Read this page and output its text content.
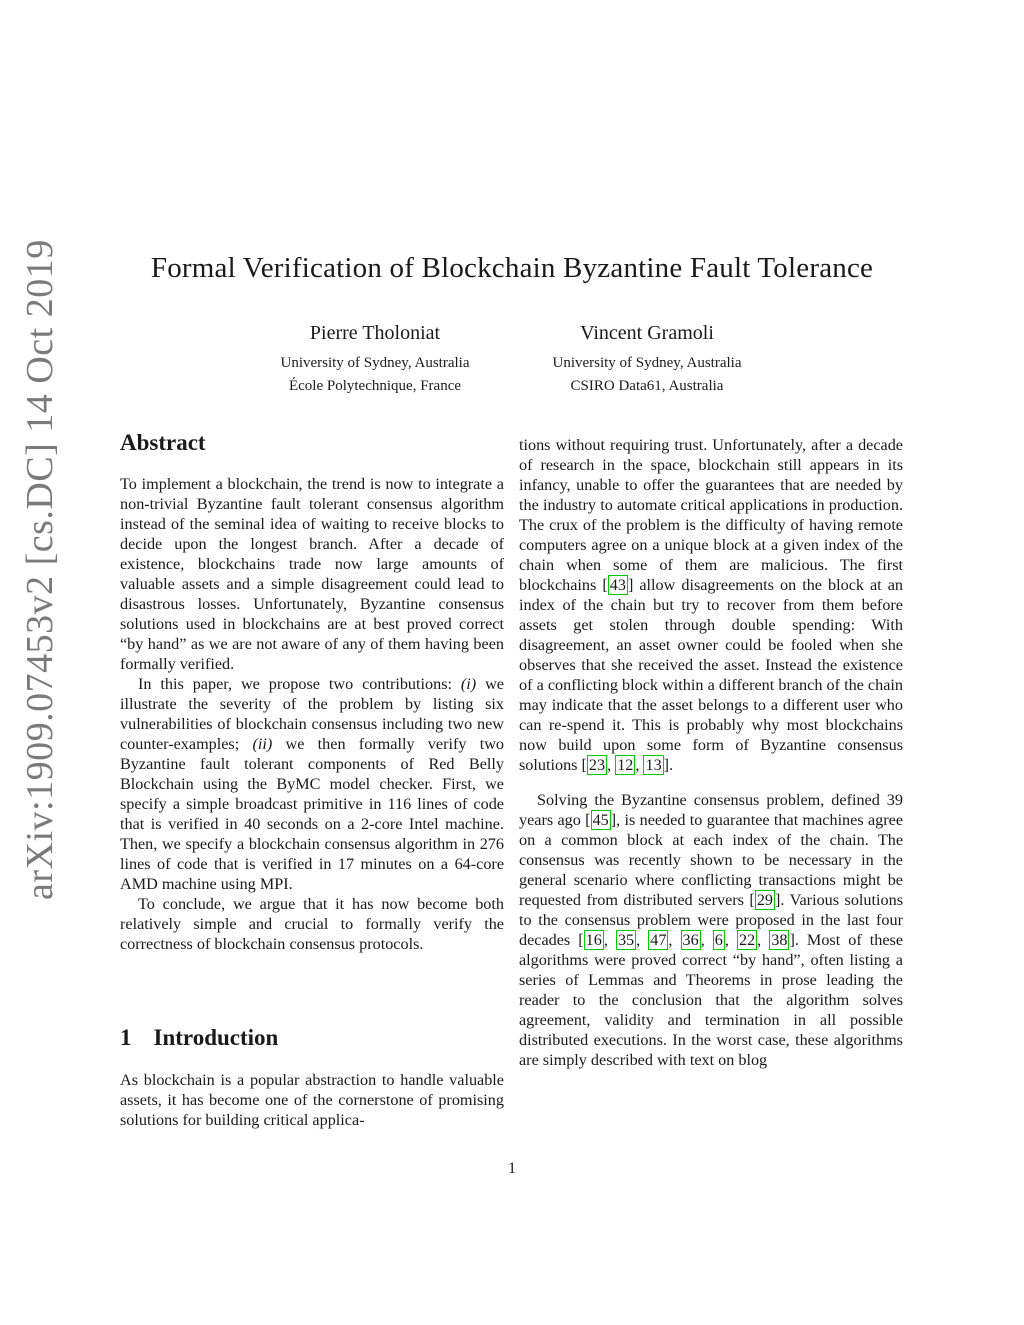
arXiv:1909.07453v2 [cs.DC] 14 Oct 2019	Formal Verification of Blockchain Byzantine Fault Tolerance
Pierre Tholoniat
University of Sydney, Australia
École Polytechnique, France
Vincent Gramoli
University of Sydney, Australia
CSIRO Data61, Australia
Abstract

To implement a blockchain, the trend is now to integrate a non-trivial Byzantine fault tolerant consensus algorithm instead of the seminal idea of waiting to receive blocks to decide upon the longest branch. After a decade of existence, blockchains trade now large amounts of valuable assets and a simple disagreement could lead to disastrous losses. Unfortunately, Byzantine consensus solutions used in blockchains are at best proved correct “by hand” as we are not aware of any of them having been formally verified.

In this paper, we propose two contributions: (i) we illustrate the severity of the problem by listing six vulnerabilities of blockchain consensus including two new counter-examples; (ii) we then formally verify two Byzantine fault tolerant components of Red Belly Blockchain using the ByMC model checker. First, we specify a simple broadcast primitive in 116 lines of code that is verified in 40 seconds on a 2-core Intel machine. Then, we specify a blockchain consensus algorithm in 276 lines of code that is verified in 17 minutes on a 64-core AMD machine using MPI.

To conclude, we argue that it has now become both relatively simple and crucial to formally verify the correctness of blockchain consensus protocols.

1 Introduction

As blockchain is a popular abstraction to handle valuable assets, it has become one of the cornerstone of promising solutions for building critical applica-

tions without requiring trust. Unfortunately, after a decade of research in the space, blockchain still appears in its infancy, unable to offer the guarantees that are needed by the industry to automate critical applications in production. The crux of the problem is the difficulty of having remote computers agree on a unique block at a given index of the chain when some of them are malicious. The first blockchains [ 43 ] allow disagreements on the block at an index of the chain but try to recover from them before assets get stolen through double spending: With disagreement, an asset owner could be fooled when she observes that she received the asset. Instead the existence of a conflicting block within a different branch of the chain may indicate that the asset belongs to a different user who can re-spend it. This is probably why most blockchains now build upon some form of Byzantine consensus solutions [ 23 , 12 , 13 ].

Solving the Byzantine consensus problem, defined 39 years ago [ 45 ], is needed to guarantee that machines agree on a common block at each index of the chain. The consensus was recently shown to be necessary in the general scenario where conflicting transactions might be requested from distributed servers [ 29 ]. Various solutions to the consensus problem were proposed in the last four decades [ 16 , 35 , 47 , 36 , 6 , 22 , 38 ]. Most of these algorithms were proved correct “by hand”, often listing a series of Lemmas and Theorems in prose leading the reader to the conclusion that the algorithm solves agreement, validity and termination in all possible distributed executions. In the worst case, these algorithms are simply described with text on blog

1
